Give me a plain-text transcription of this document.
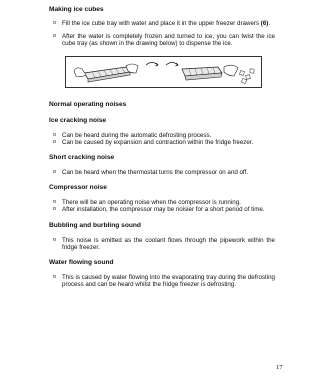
Making ice cubes
o Fill the ice cube tray with water and place it in the upper freezer drawers (6).
o After the water is completely frozen and turned to ice, you can twist the ice cube tray (as shown in the drawing below) to dispense the ice.
Normal operating noises
Ice cracking noise
o Can be heard during the automatic defrosting process.
o Can be caused by expansion and contraction within the fridge freezer.
Short cracking noise
o Can be heard when the thermostat turns the compressor on and off.
Compressor noise
o There will be an operating noise when the compressor is running.
o After installation, the compressor may be noisier for a short period of time.
Bubbling and burbling sound
o This noise is emitted as the coolant flows through the pipework within the fridge freezer.
Water flowing sound
o This is caused by water flowing into the evaporating tray during the defrosting process and can be heard whilst the fridge freezer is defrosting.
17
